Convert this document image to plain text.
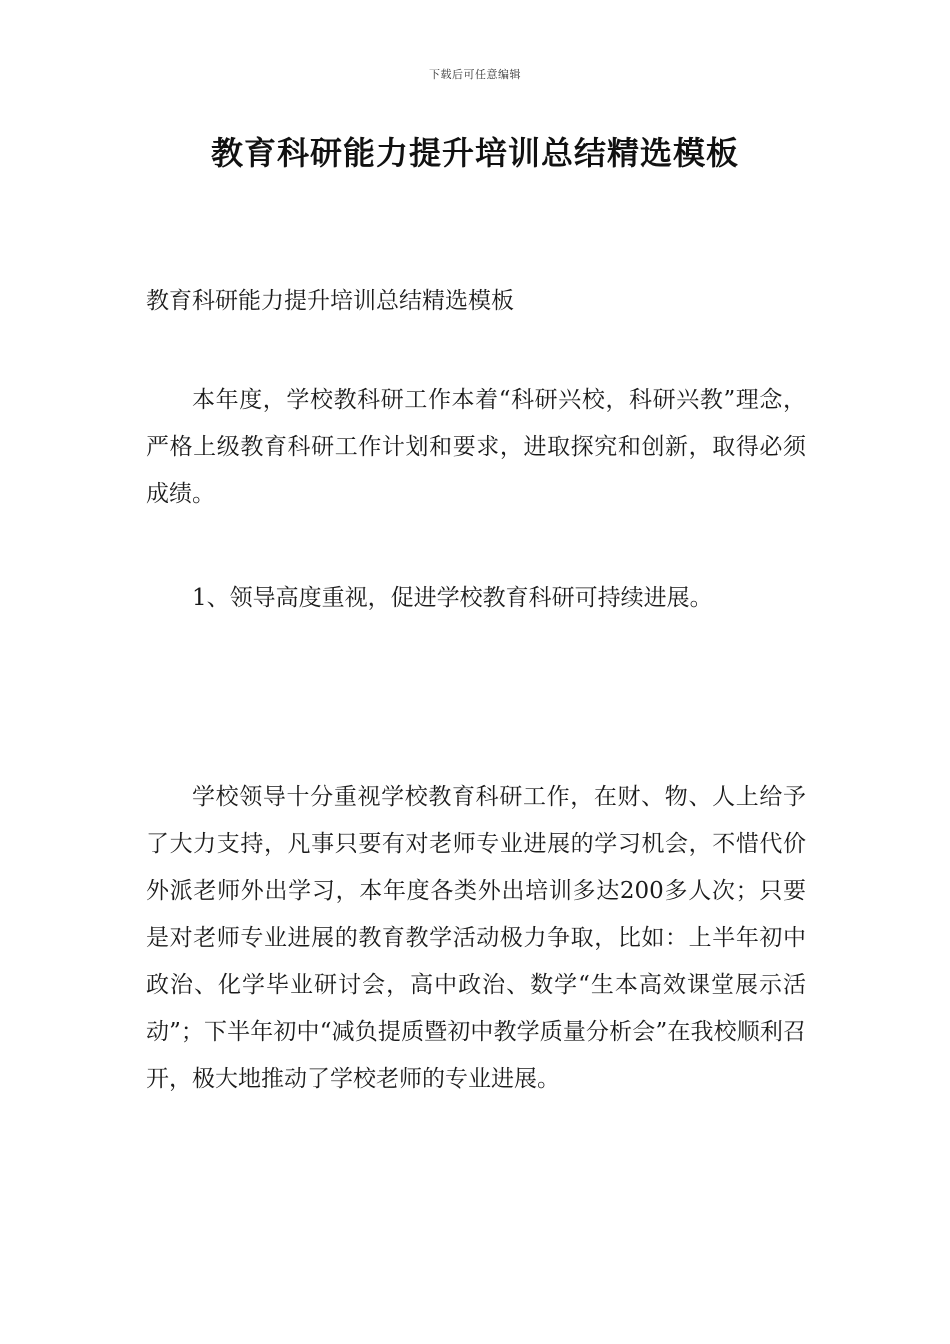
下载后可任意编辑
教育科研能力提升培训总结精选模板
教育科研能力提升培训总结精选模板

本年度，学校教科研工作本着“科研兴校，科研兴教”理念，严格上级教育科研工作计划和要求，进取探究和创新，取得必须成绩。

1、领导高度重视，促进学校教育科研可持续进展。

学校领导十分重视学校教育科研工作，在财、物、人上给予了大力支持，凡事只要有对老师专业进展的学习机会，不惜代价外派老师外出学习，本年度各类外出培训多达200多人次；只要是对老师专业进展的教育教学活动极力争取，比如：上半年初中政治、化学毕业研讨会，高中政治、数学“生本高效课堂展示活动”；下半年初中“减负提质暨初中教学质量分析会”在我校顺利召开，极大地推动了学校老师的专业进展。
